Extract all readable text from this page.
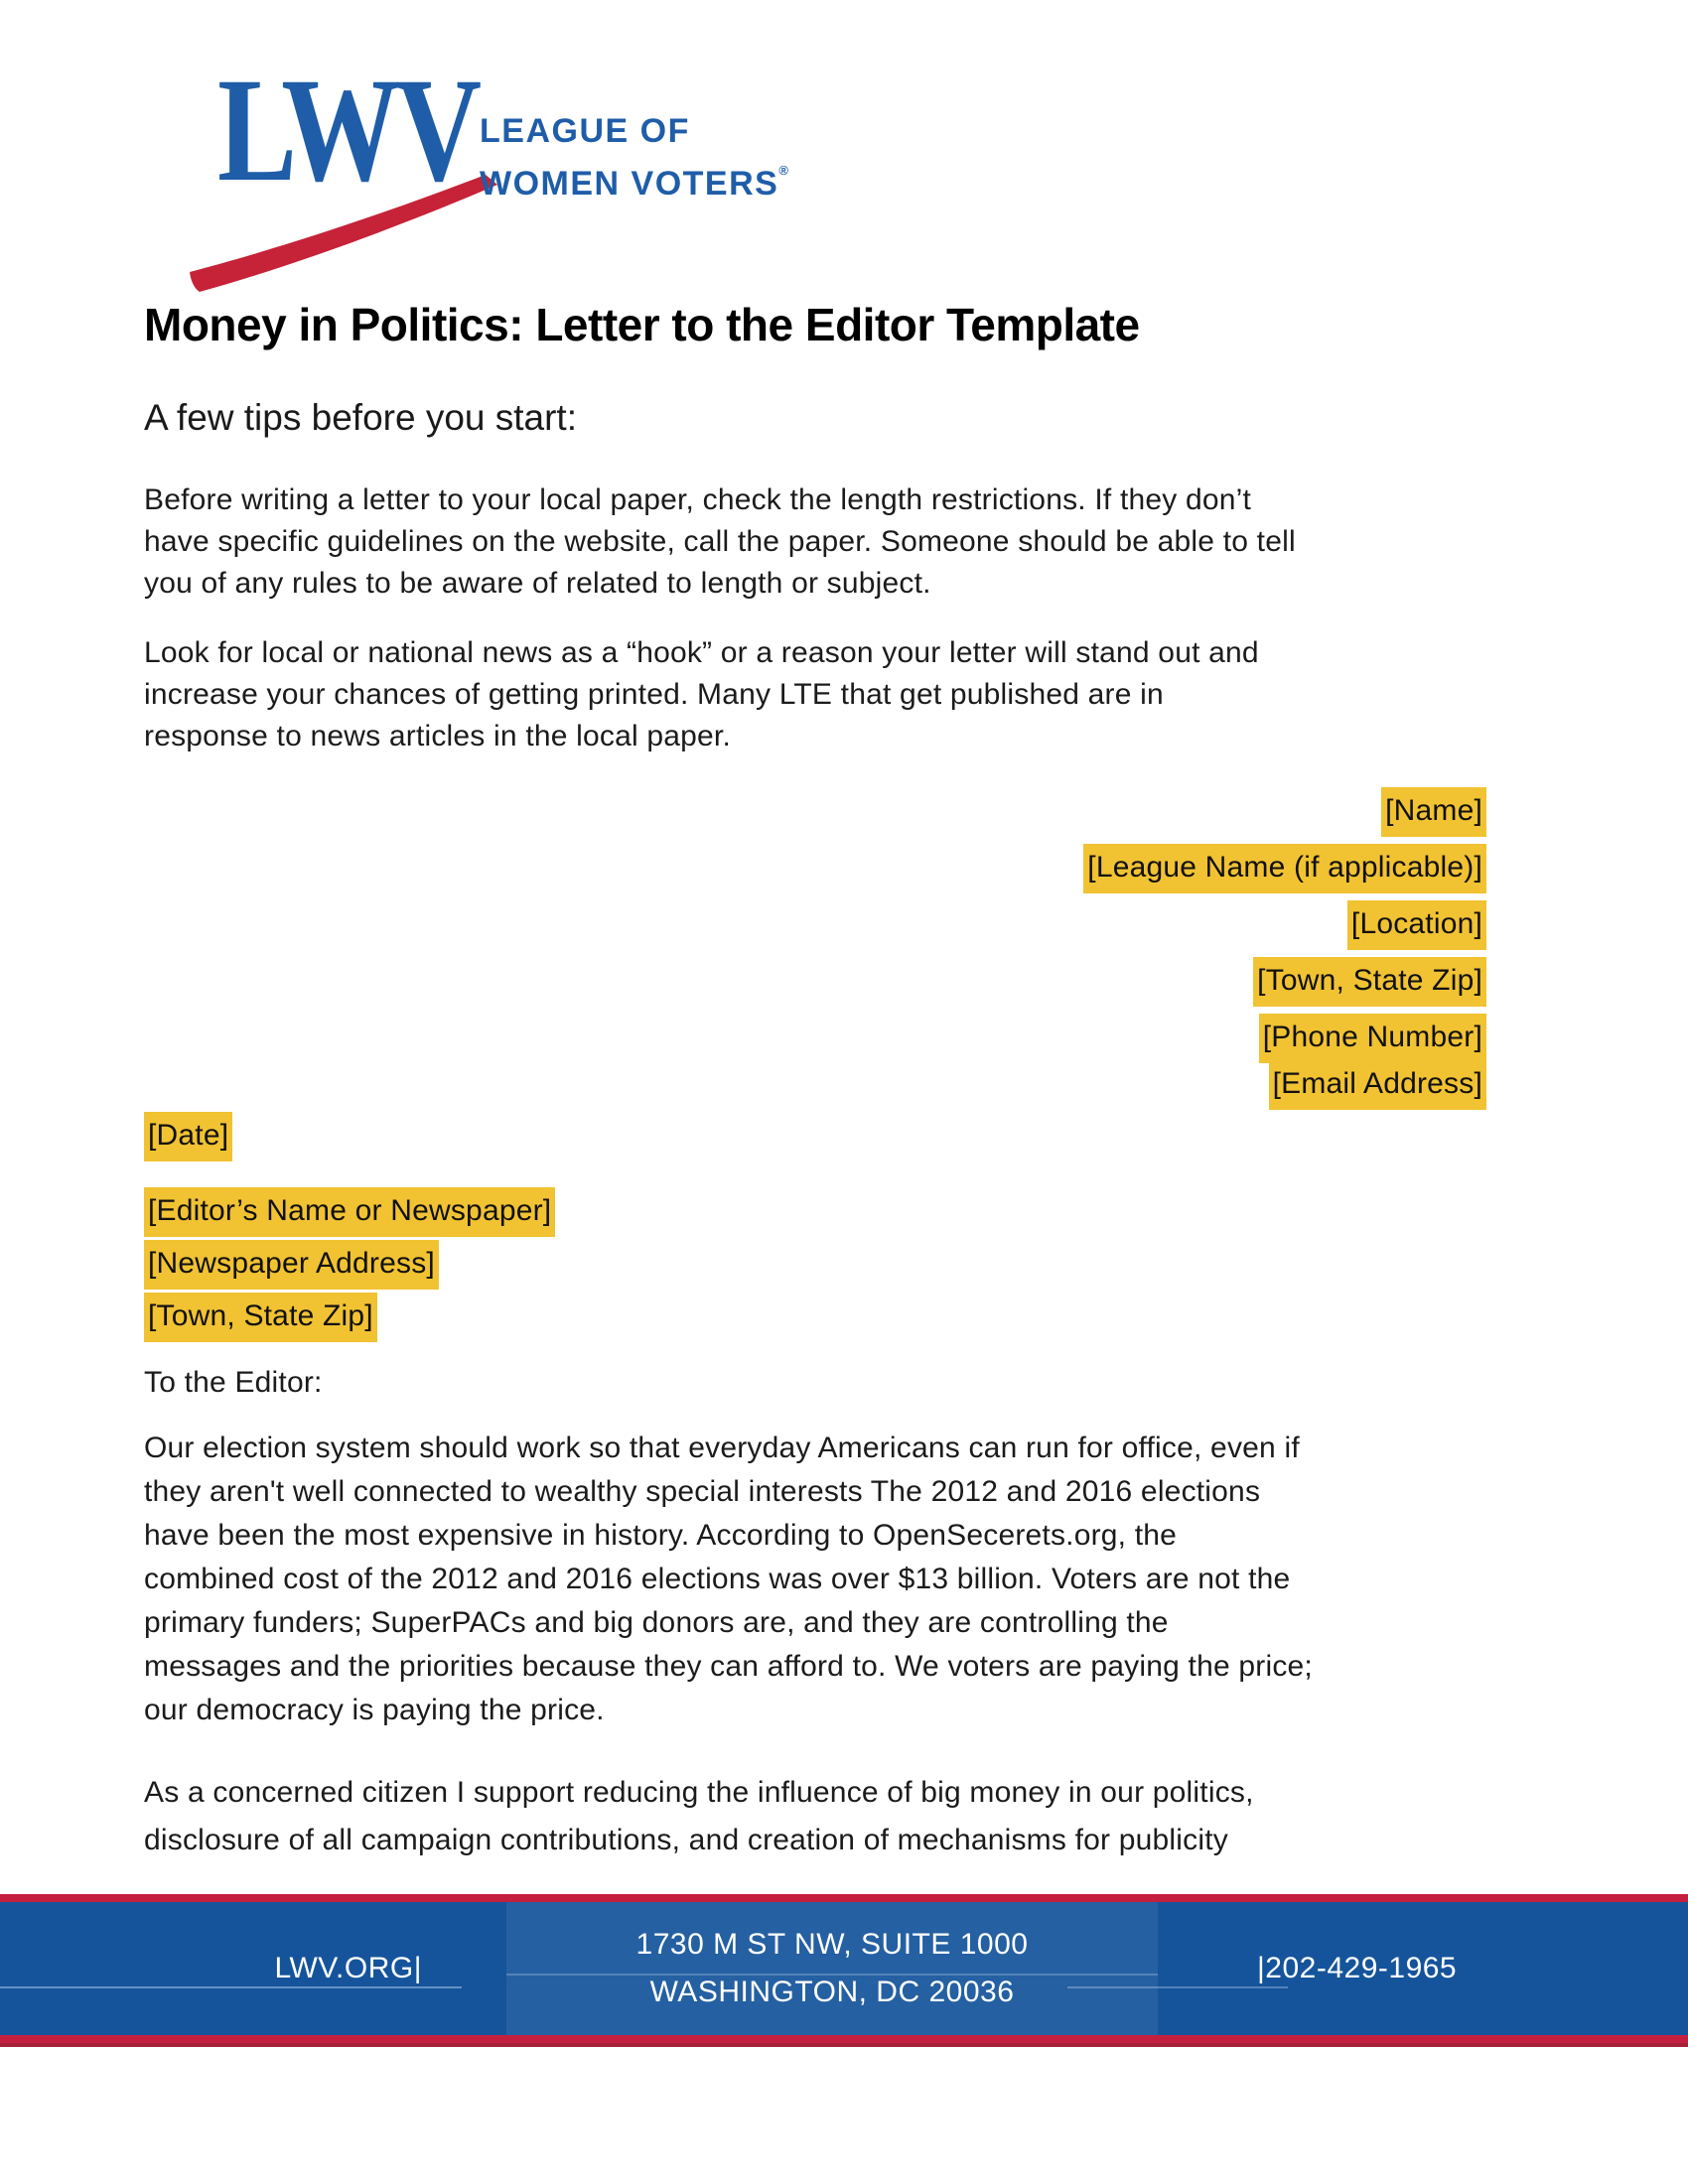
LWV LEAGUE OF
WOMEN VOTERS®
Money in Politics: Letter to the Editor Template
A few tips before you start:
Before writing a letter to your local paper, check the length restrictions. If they don’t
have specific guidelines on the website, call the paper. Someone should be able to tell
you of any rules to be aware of related to length or subject.
Look for local or national news as a “hook” or a reason your letter will stand out and
increase your chances of getting printed. Many LTE that get published are in
response to news articles in the local paper.
[Name]
[League Name (if applicable)]
[Location]
[Town, State Zip]
[Phone Number]
[Email Address]
[Date]
[Editor’s Name or Newspaper]
[Newspaper Address]
[Town, State Zip]
To the Editor:
Our election system should work so that everyday Americans can run for office, even if
they aren't well connected to wealthy special interests The 2012 and 2016 elections
have been the most expensive in history. According to OpenSecerets.org, the
combined cost of the 2012 and 2016 elections was over $13 billion. Voters are not the
primary funders; SuperPACs and big donors are, and they are controlling the
messages and the priorities because they can afford to. We voters are paying the price;
our democracy is paying the price.
As a concerned citizen I support reducing the influence of big money in our politics,
disclosure of all campaign contributions, and creation of mechanisms for publicity
LWV.ORG|
1730 M ST NW, SUITE 1000
WASHINGTON, DC 20036
|202-429-1965
